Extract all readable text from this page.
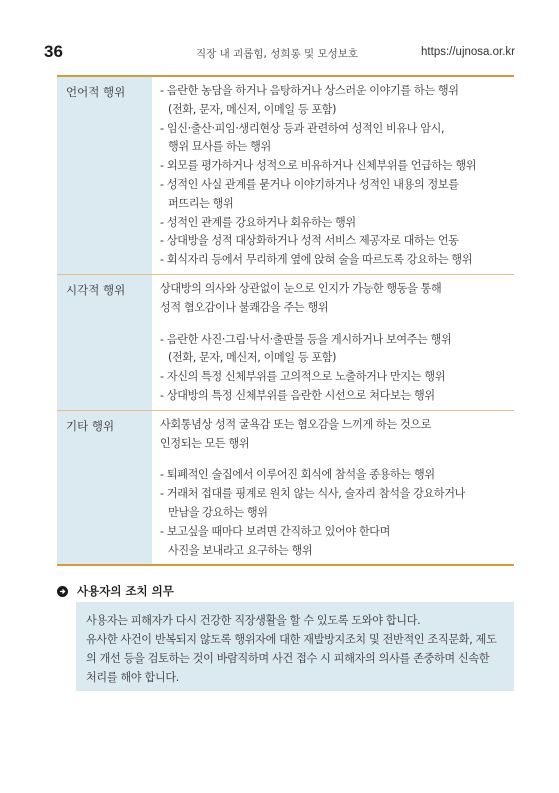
36	직장 내 괴롭힘, 성희롱 및 모성보호	https://ujnosa.or.kr
언어적 행위	- 음란한 농담을 하거나 음탕하거나 상스러운 이야기를 하는 행위
(전화, 문자, 메신저, 이메일 등 포함)
- 임신·출산·피임·생리현상 등과 관련하여 성적인 비유나 암시,
행위 묘사를 하는 행위
- 외모를 평가하거나 성적으로 비유하거나 신체부위를 언급하는 행위
- 성적인 사실 관계를 묻거나 이야기하거나 성적인 내용의 정보를
퍼뜨리는 행위
- 성적인 관계를 강요하거나 회유하는 행위
- 상대방을 성적 대상화하거나 성적 서비스 제공자로 대하는 언동
- 회식자리 등에서 무리하게 옆에 앉혀 술을 따르도록 강요하는 행위
시각적 행위	상대방의 의사와 상관없이 눈으로 인지가 가능한 행동을 통해
성적 혐오감이나 불쾌감을 주는 행위
- 음란한 사진·그림·낙서·출판물 등을 게시하거나 보여주는 행위
(전화, 문자, 메신저, 이메일 등 포함)
- 자신의 특정 신체부위를 고의적으로 노출하거나 만지는 행위
- 상대방의 특정 신체부위를 음란한 시선으로 쳐다보는 행위
기타 행위	사회통념상 성적 굴욕감 또는 혐오감을 느끼게 하는 것으로
인정되는 모든 행위
- 퇴폐적인 술집에서 이루어진 회식에 참석을 종용하는 행위
- 거래처 접대를 핑계로 원치 않는 식사, 술자리 참석을 강요하거나
만남을 강요하는 행위
- 보고싶을 때마다 보려면 간직하고 있어야 한다며
사진을 보내라고 요구하는 행위
사용자의 조치 의무
사용자는 피해자가 다시 건강한 직장생활을 할 수 있도록 도와야 합니다.
유사한 사건이 반복되지 않도록 행위자에 대한 재발방지조치 및 전반적인 조직문화, 제도
의 개선 등을 검토하는 것이 바람직하며 사건 접수 시 피해자의 의사를 존중하며 신속한
처리를 해야 합니다.
